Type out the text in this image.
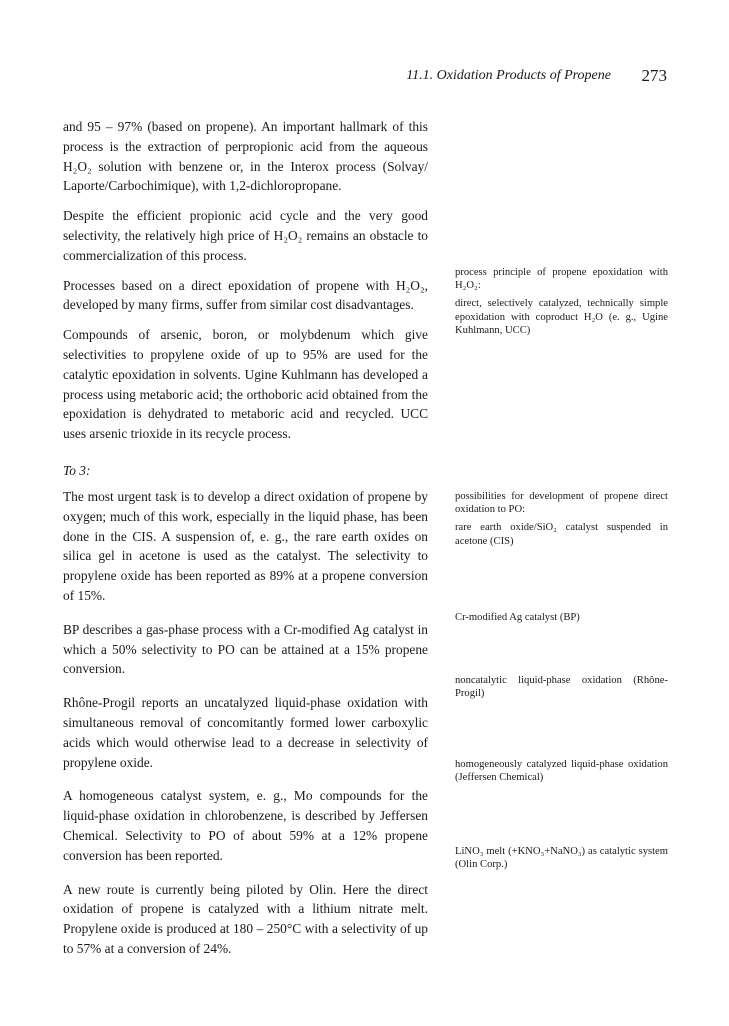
11.1. Oxidation Products of Propene 273

and 95 – 97% (based on propene). An important hallmark of this process is the extraction of perpropionic acid from the aqueous H₂O₂ solution with benzene or, in the Interox process (Solvay/ Laporte/Carbochimique), with 1,2-dichloropropane.

Despite the efficient propionic acid cycle and the very good selectivity, the relatively high price of H₂O₂ remains an obstacle to commercialization of this process.

Processes based on a direct epoxidation of propene with H₂O₂, developed by many firms, suffer from similar cost disadvantages.

Compounds of arsenic, boron, or molybdenum which give selectivities to propylene oxide of up to 95% are used for the catalytic epoxidation in solvents. Ugine Kuhlmann has developed a process using metaboric acid; the orthoboric acid obtained from the epoxidation is dehydrated to metaboric acid and recycled. UCC uses arsenic trioxide in its recycle process.

To 3:

The most urgent task is to develop a direct oxidation of propene by oxygen; much of this work, especially in the liquid phase, has been done in the CIS. A suspension of, e. g., the rare earth oxides on silica gel in acetone is used as the catalyst. The selectivity to propylene oxide has been reported as 89% at a propene conversion of 15%.

BP describes a gas-phase process with a Cr-modified Ag catalyst in which a 50% selectivity to PO can be attained at a 15% propene conversion.

Rhône-Progil reports an uncatalyzed liquid-phase oxidation with simultaneous removal of concomitantly formed lower carboxylic acids which would otherwise lead to a decrease in selectivity of propylene oxide.

A homogeneous catalyst system, e. g., Mo compounds for the liquid-phase oxidation in chlorobenzene, is described by Jeffersen Chemical. Selectivity to PO of about 59% at a 12% propene conversion has been reported.

A new route is currently being piloted by Olin. Here the direct oxidation of propene is catalyzed with a lithium nitrate melt. Propylene oxide is produced at 180 – 250°C with a selectivity of up to 57% at a conversion of 24%.

process principle of propene epoxidation with H₂O₂:

direct, selectively catalyzed, technically simple epoxidation with coproduct H₂O (e. g., Ugine Kuhlmann, UCC)

possibilities for development of propene direct oxidation to PO:

rare earth oxide/SiO₂ catalyst suspended in acetone (CIS)

Cr-modified Ag catalyst (BP)

noncatalytic liquid-phase oxidation (Rhône-Progil)

homogeneously catalyzed liquid-phase oxidation (Jeffersen Chemical)

LiNO₃ melt (+KNO₃+NaNO₃) as catalytic system (Olin Corp.)
